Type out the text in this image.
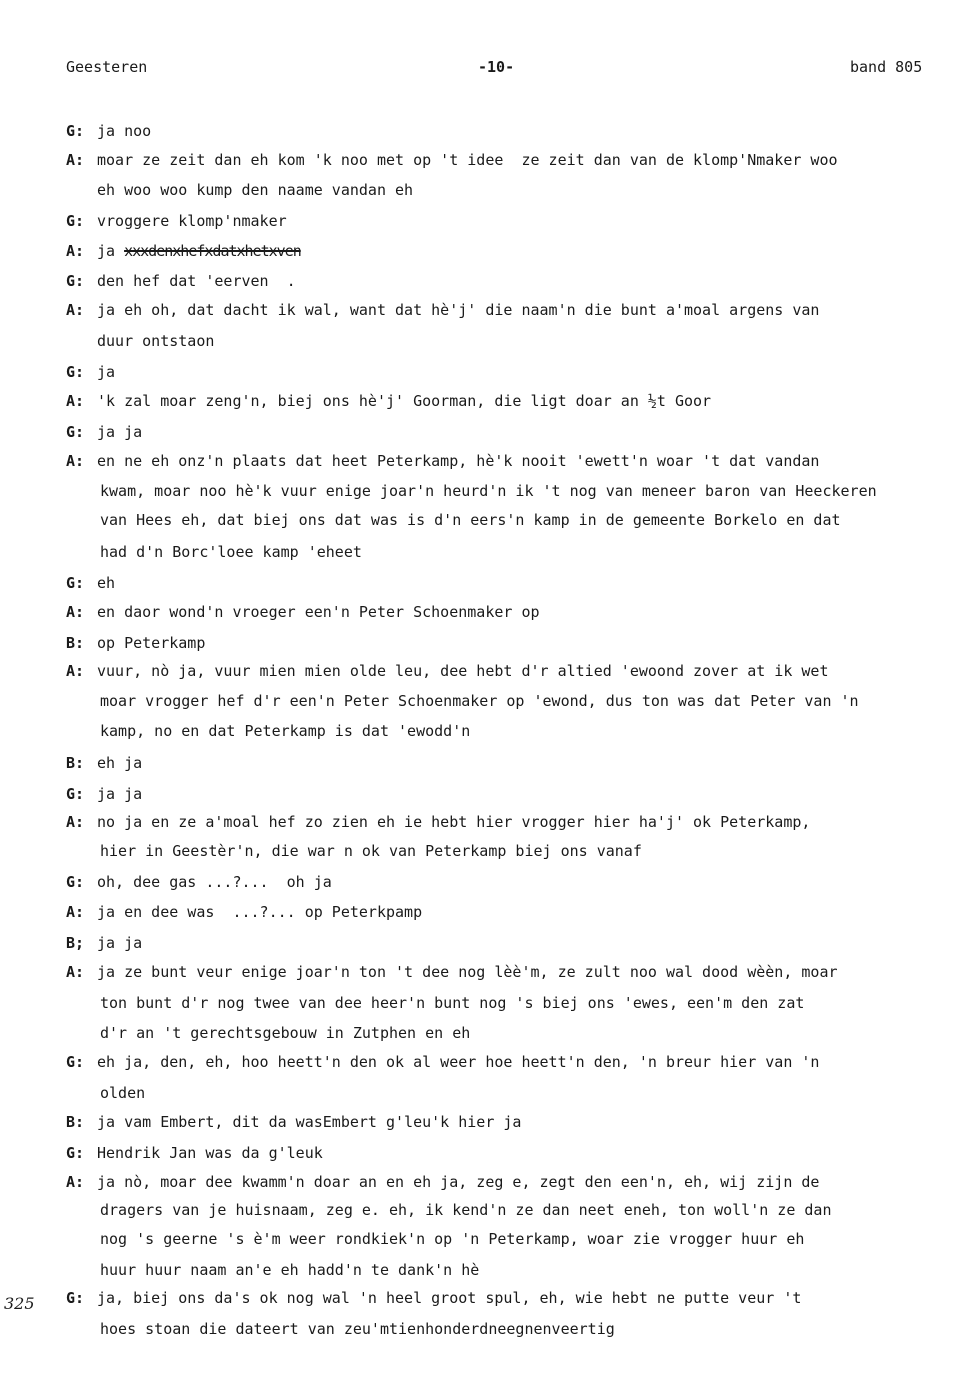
Geesteren	-10-	band 805
325
G: ja noo
A: moar ze zeit dan eh kom 'k noo met op 't idee  ze zeit dan van de klomp'Nmaker woo
eh woo woo kump den naame vandan eh
G: vroggere klomp'nmaker
A: ja xxxdenxhefxdatxhetxven
G: den hef dat 'eerven  .
A: ja eh oh, dat dacht ik wal, want dat hè'j' die naam'n die bunt a'moal argens van
duur ontstaon
G: ja
A: 'k zal moar zeng'n, biej ons hè'j' Goorman, die ligt doar an ½t Goor
G: ja ja
A: en ne eh onz'n plaats dat heet Peterkamp, hè'k nooit 'ewett'n woar 't dat vandan
kwam, moar noo hè'k vuur enige joar'n heurd'n ik 't nog van meneer baron van Heeckeren
van Hees eh, dat biej ons dat was is d'n eers'n kamp in de gemeente Borkelo en dat
had d'n Borc'loee kamp 'eheet
G: eh
A: en daor wond'n vroeger een'n Peter Schoenmaker op
B: op Peterkamp
A: vuur, nò ja, vuur mien mien olde leu, dee hebt d'r altied 'ewoond zover at ik wet
moar vrogger hef d'r een'n Peter Schoenmaker op 'ewond, dus ton was dat Peter van 'n
kamp, no en dat Peterkamp is dat 'ewodd'n
B: eh ja
G: ja ja
A: no ja en ze a'moal hef zo zien eh ie hebt hier vrogger hier ha'j' ok Peterkamp,
hier in Geestèr'n, die war n ok van Peterkamp biej ons vanaf
G: oh, dee gas ...?...  oh ja
A: ja en dee was  ...?... op Peterkpamp
B; ja ja
A: ja ze bunt veur enige joar'n ton 't dee nog lèè'm, ze zult noo wal dood wèèn, moar
ton bunt d'r nog twee van dee heer'n bunt nog 's biej ons 'ewes, een'm den zat
d'r an 't gerechtsgebouw in Zutphen en eh
G: eh ja, den, eh, hoo heett'n den ok al weer hoe heett'n den, 'n breur hier van 'n
olden
B: ja vam Embert, dit da wasEmbert g'leu'k hier ja
G: Hendrik Jan was da g'leuk
A: ja nò, moar dee kwamm'n doar an en eh ja, zeg e, zegt den een'n, eh, wij zijn de
dragers van je huisnaam, zeg e. eh, ik kend'n ze dan neet eneh, ton woll'n ze dan
nog 's geerne 's è'm weer rondkiek'n op 'n Peterkamp, woar zie vrogger huur eh
huur huur naam an'e eh hadd'n te dank'n hè
G: ja, biej ons da's ok nog wal 'n heel groot spul, eh, wie hebt ne putte veur 't
hoes stoan die dateert van zeu'mtienhonderdneegnenveertig
